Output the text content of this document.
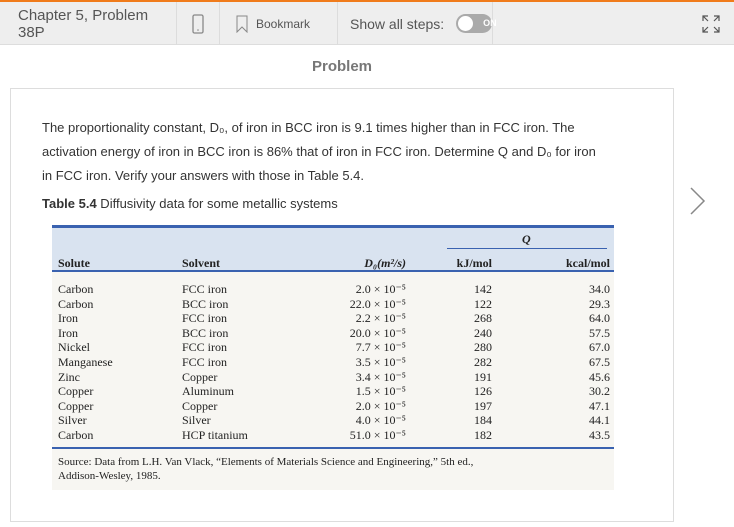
Chapter 5, Problem 38P	Bookmark	Show all steps:	ON
Problem
The proportionality constant, D₀, of iron in BCC iron is 9.1 times higher than in FCC iron. The
activation energy of iron in BCC iron is 86% that of iron in FCC iron. Determine Q and D₀ for iron
in FCC iron. Verify your answers with those in Table 5.4.
Table 5.4 Diffusivity data for some metallic systems
Q
Solute	Solvent	D₀(m²/s)	kJ/mol	kcal/mol
Carbon	FCC iron	2.0 × 10⁻⁵	142	34.0
Carbon	BCC iron	22.0 × 10⁻⁵	122	29.3
Iron	FCC iron	2.2 × 10⁻⁵	268	64.0
Iron	BCC iron	20.0 × 10⁻⁵	240	57.5
Nickel	FCC iron	7.7 × 10⁻⁵	280	67.0
Manganese	FCC iron	3.5 × 10⁻⁵	282	67.5
Zinc	Copper	3.4 × 10⁻⁵	191	45.6
Copper	Aluminum	1.5 × 10⁻⁵	126	30.2
Copper	Copper	2.0 × 10⁻⁵	197	47.1
Silver	Silver	4.0 × 10⁻⁵	184	44.1
Carbon	HCP titanium	51.0 × 10⁻⁵	182	43.5
Source: Data from L.H. Van Vlack, “Elements of Materials Science and Engineering,” 5th ed.,
Addison-Wesley, 1985.
